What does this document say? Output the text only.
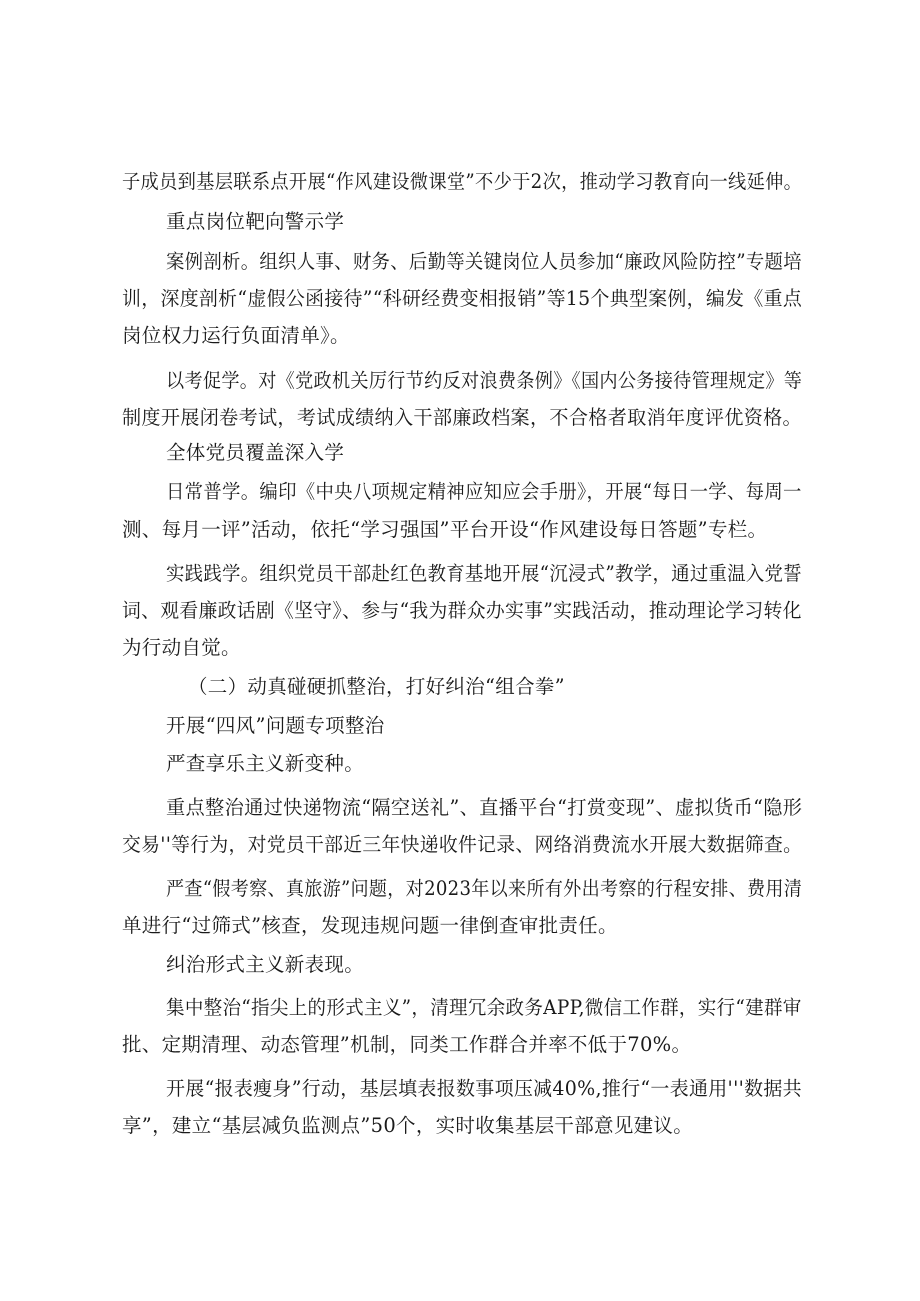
子成员到基层联系点开展“作风建设微课堂”不少于2次，推动学习教育向一线延伸。

重点岗位靶向警示学

案例剖析。组织人事、财务、后勤等关键岗位人员参加“廉政风险防控”专题培

训，深度剖析“虚假公函接待”“科研经费变相报销”等15个典型案例，编发《重点

岗位权力运行负面清单》。

以考促学。对《党政机关厉行节约反对浪费条例》《国内公务接待管理规定》等

制度开展闭卷考试，考试成绩纳入干部廉政档案，不合格者取消年度评优资格。

全体党员覆盖深入学

日常普学。编印《中央八项规定精神应知应会手册》，开展“每日一学、每周一

测、每月一评”活动，依托“学习强国”平台开设“作风建设每日答题”专栏。

实践践学。组织党员干部赴红色教育基地开展“沉浸式”教学，通过重温入党誓

词、观看廉政话剧《坚守》、参与“我为群众办实事”实践活动，推动理论学习转化

为行动自觉。

（二）动真碰硬抓整治，打好纠治“组合拳”

开展“四风”问题专项整治

严查享乐主义新变种。

重点整治通过快递物流“隔空送礼”、直播平台“打赏变现”、虚拟货币“隐形

交易''等行为，对党员干部近三年快递收件记录、网络消费流水开展大数据筛查。

严查“假考察、真旅游”问题，对2023年以来所有外出考察的行程安排、费用清

单进行“过筛式”核查，发现违规问题一律倒查审批责任。

纠治形式主义新表现。

集中整治“指尖上的形式主义”，清理冗余政务APP,微信工作群，实行“建群审

批、定期清理、动态管理”机制，同类工作群合并率不低于70%。

开展“报表瘦身”行动，基层填表报数事项压减40%,推行“一表通用'''数据共

享”，建立“基层减负监测点”50个，实时收集基层干部意见建议。
